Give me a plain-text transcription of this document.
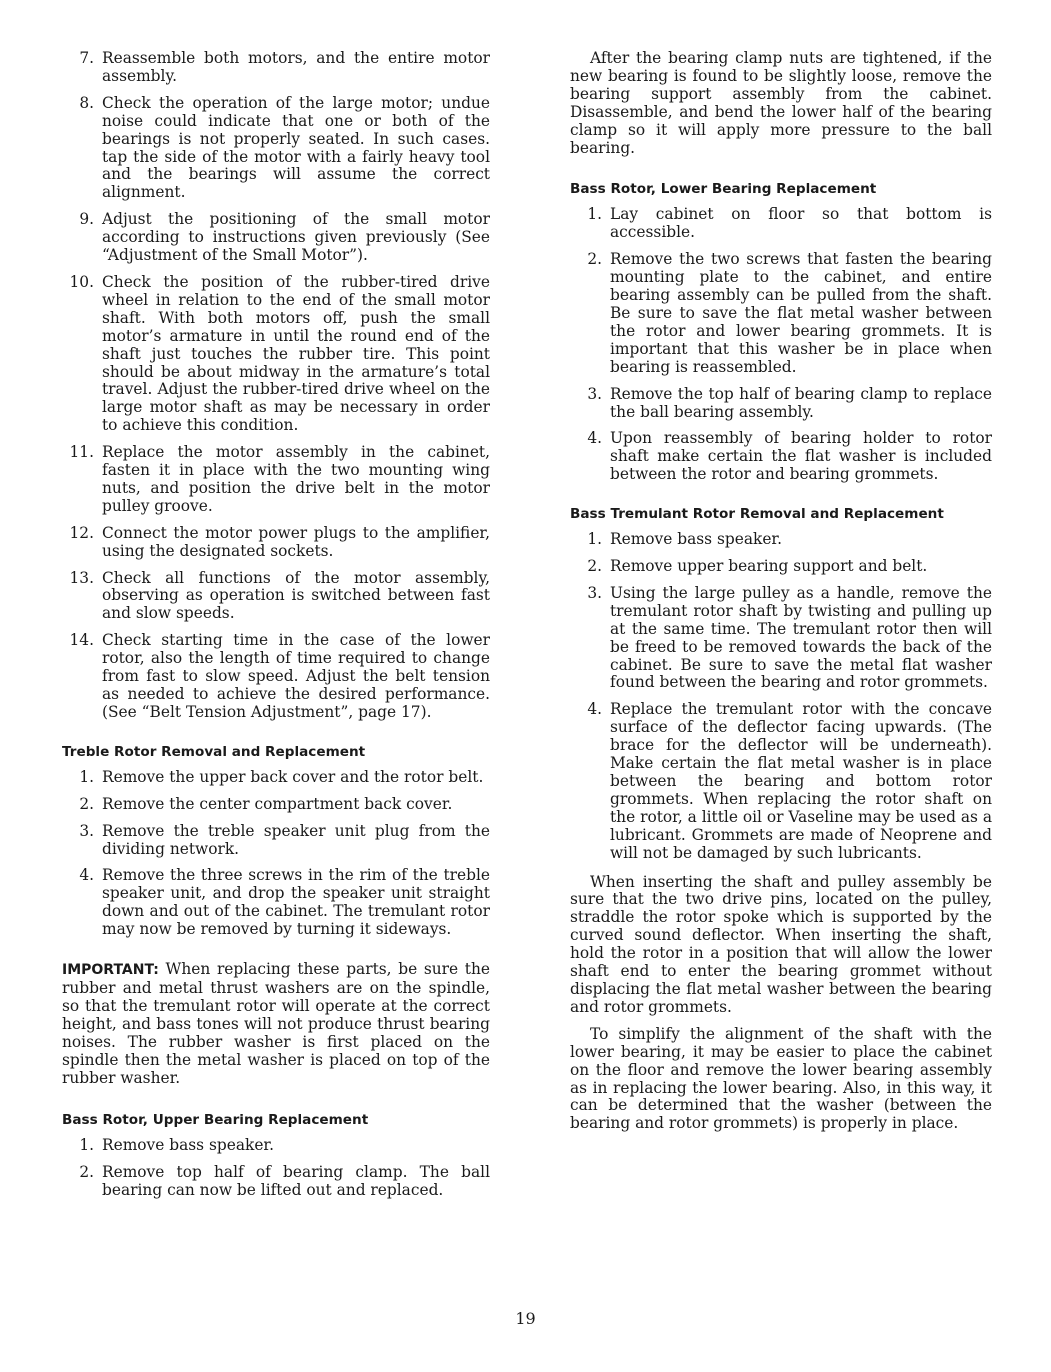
7. Reassemble both motors, and the entire motor assembly.
8. Check the operation of the large motor; undue noise could indicate that one or both of the bearings is not properly seated. In such cases. tap the side of the motor with a fairly heavy tool and the bearings will assume the correct alignment.
9. Adjust the positioning of the small motor according to instructions given previously (See “Adjustment of the Small Motor”).
10. Check the position of the rubber-tired drive wheel in relation to the end of the small motor shaft. With both motors off, push the small motor’s armature in until the round end of the shaft just touches the rubber tire. This point should be about midway in the armature’s total travel. Adjust the rubber-tired drive wheel on the large motor shaft as may be necessary in order to achieve this condition.
11. Replace the motor assembly in the cabinet, fasten it in place with the two mounting wing nuts, and position the drive belt in the motor pulley groove.
12. Connect the motor power plugs to the amplifier, using the designated sockets.
13. Check all functions of the motor assembly, observing as operation is switched between fast and slow speeds.
14. Check starting time in the case of the lower rotor, also the length of time required to change from fast to slow speed. Adjust the belt tension as needed to achieve the desired performance. (See “Belt Tension Adjustment”, page 17).
Treble Rotor Removal and Replacement
1. Remove the upper back cover and the rotor belt.
2. Remove the center compartment back cover.
3. Remove the treble speaker unit plug from the dividing network.
4. Remove the three screws in the rim of the treble speaker unit, and drop the speaker unit straight down and out of the cabinet. The tremulant rotor may now be removed by turning it sideways.

IMPORTANT: When replacing these parts, be sure the rubber and metal thrust washers are on the spindle, so that the tremulant rotor will operate at the correct height, and bass tones will not produce thrust bearing noises. The rubber washer is first placed on the spindle then the metal washer is placed on top of the rubber washer.

Bass Rotor, Upper Bearing Replacement
1. Remove bass speaker.
2. Remove top half of bearing clamp. The ball bearing can now be lifted out and replaced.

After the bearing clamp nuts are tightened, if the new bearing is found to be slightly loose, remove the bearing support assembly from the cabinet. Disassemble, and bend the lower half of the bearing clamp so it will apply more pressure to the ball bearing.

Bass Rotor, Lower Bearing Replacement
1. Lay cabinet on floor so that bottom is accessible.
2. Remove the two screws that fasten the bearing mounting plate to the cabinet, and entire bearing assembly can be pulled from the shaft. Be sure to save the flat metal washer between the rotor and lower bearing grommets. It is important that this washer be in place when bearing is reassembled.
3. Remove the top half of bearing clamp to replace the ball bearing assembly.
4. Upon reassembly of bearing holder to rotor shaft make certain the flat washer is included between the rotor and bearing grommets.
Bass Tremulant Rotor Removal and Replacement
1. Remove bass speaker.
2. Remove upper bearing support and belt.
3. Using the large pulley as a handle, remove the tremulant rotor shaft by twisting and pulling up at the same time. The tremulant rotor then will be freed to be removed towards the back of the cabinet. Be sure to save the metal flat washer found between the bearing and rotor grommets.
4. Replace the tremulant rotor with the concave surface of the deflector facing upwards. (The brace for the deflector will be underneath). Make certain the flat metal washer is in place between the bearing and bottom rotor grommets. When replacing the rotor shaft on the rotor, a little oil or Vaseline may be used as a lubricant. Grommets are made of Neoprene and will not be damaged by such lubricants.

When inserting the shaft and pulley assembly be sure that the two drive pins, located on the pulley, straddle the rotor spoke which is supported by the curved sound deflector. When inserting the shaft, hold the rotor in a position that will allow the lower shaft end to enter the bearing grommet without displacing the flat metal washer between the bearing and rotor grommets.

To simplify the alignment of the shaft with the lower bearing, it may be easier to place the cabinet on the floor and remove the lower bearing assembly as in replacing the lower bearing. Also, in this way, it can be determined that the washer (between the bearing and rotor grommets) is properly in place.

19
